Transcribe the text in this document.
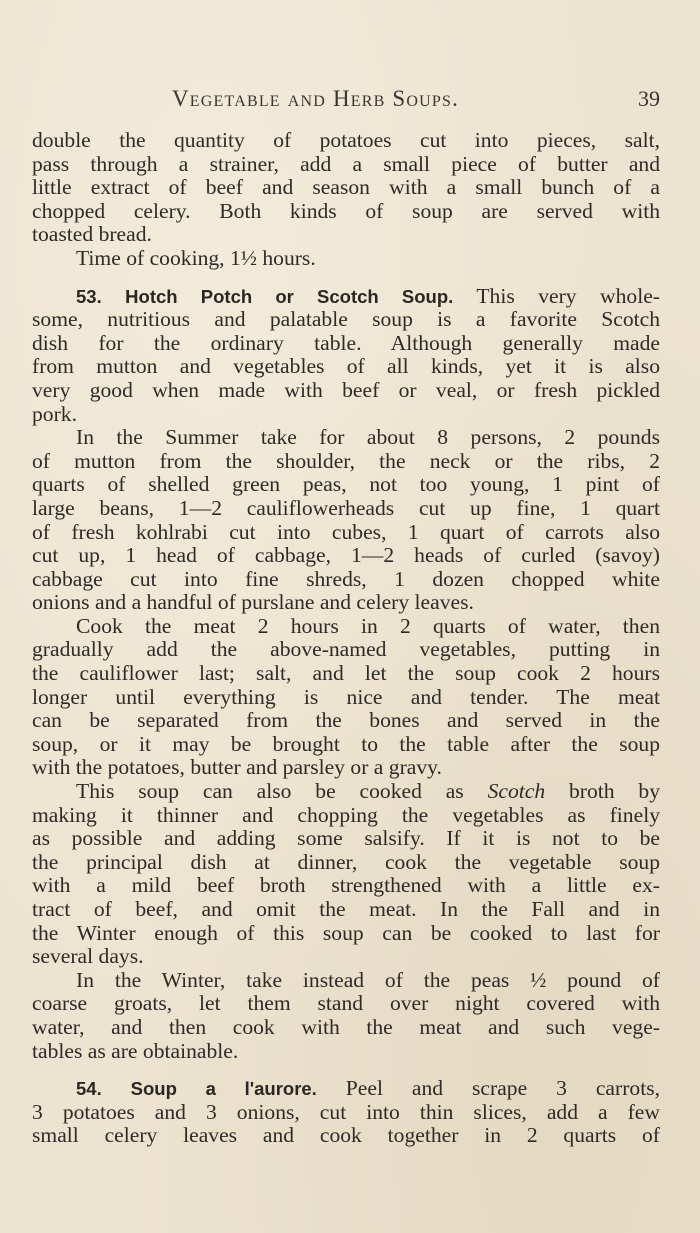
Vegetable and Herb Soups.	39
double the quantity of potatoes cut into pieces, salt,
pass through a strainer, add a small piece of butter and
little extract of beef and season with a small bunch of a
chopped celery. Both kinds of soup are served with
toasted bread.
Time of cooking, 1½ hours.
53. Hotch Potch or Scotch Soup. This very whole-
some, nutritious and palatable soup is a favorite Scotch
dish for the ordinary table. Although generally made
from mutton and vegetables of all kinds, yet it is also
very good when made with beef or veal, or fresh pickled
pork.
In the Summer take for about 8 persons, 2 pounds
of mutton from the shoulder, the neck or the ribs, 2
quarts of shelled green peas, not too young, 1 pint of
large beans, 1—2 cauliflowerheads cut up fine, 1 quart
of fresh kohlrabi cut into cubes, 1 quart of carrots also
cut up, 1 head of cabbage, 1—2 heads of curled (savoy)
cabbage cut into fine shreds, 1 dozen chopped white
onions and a handful of purslane and celery leaves.
Cook the meat 2 hours in 2 quarts of water, then
gradually add the above-named vegetables, putting in
the cauliflower last; salt, and let the soup cook 2 hours
longer until everything is nice and tender. The meat
can be separated from the bones and served in the
soup, or it may be brought to the table after the soup
with the potatoes, butter and parsley or a gravy.
This soup can also be cooked as Scotch broth by
making it thinner and chopping the vegetables as finely
as possible and adding some salsify. If it is not to be
the principal dish at dinner, cook the vegetable soup
with a mild beef broth strengthened with a little ex-
tract of beef, and omit the meat. In the Fall and in
the Winter enough of this soup can be cooked to last for
several days.
In the Winter, take instead of the peas ½ pound of
coarse groats, let them stand over night covered with
water, and then cook with the meat and such vege-
tables as are obtainable.
54. Soup a l'aurore. Peel and scrape 3 carrots,
3 potatoes and 3 onions, cut into thin slices, add a few
small celery leaves and cook together in 2 quarts of
